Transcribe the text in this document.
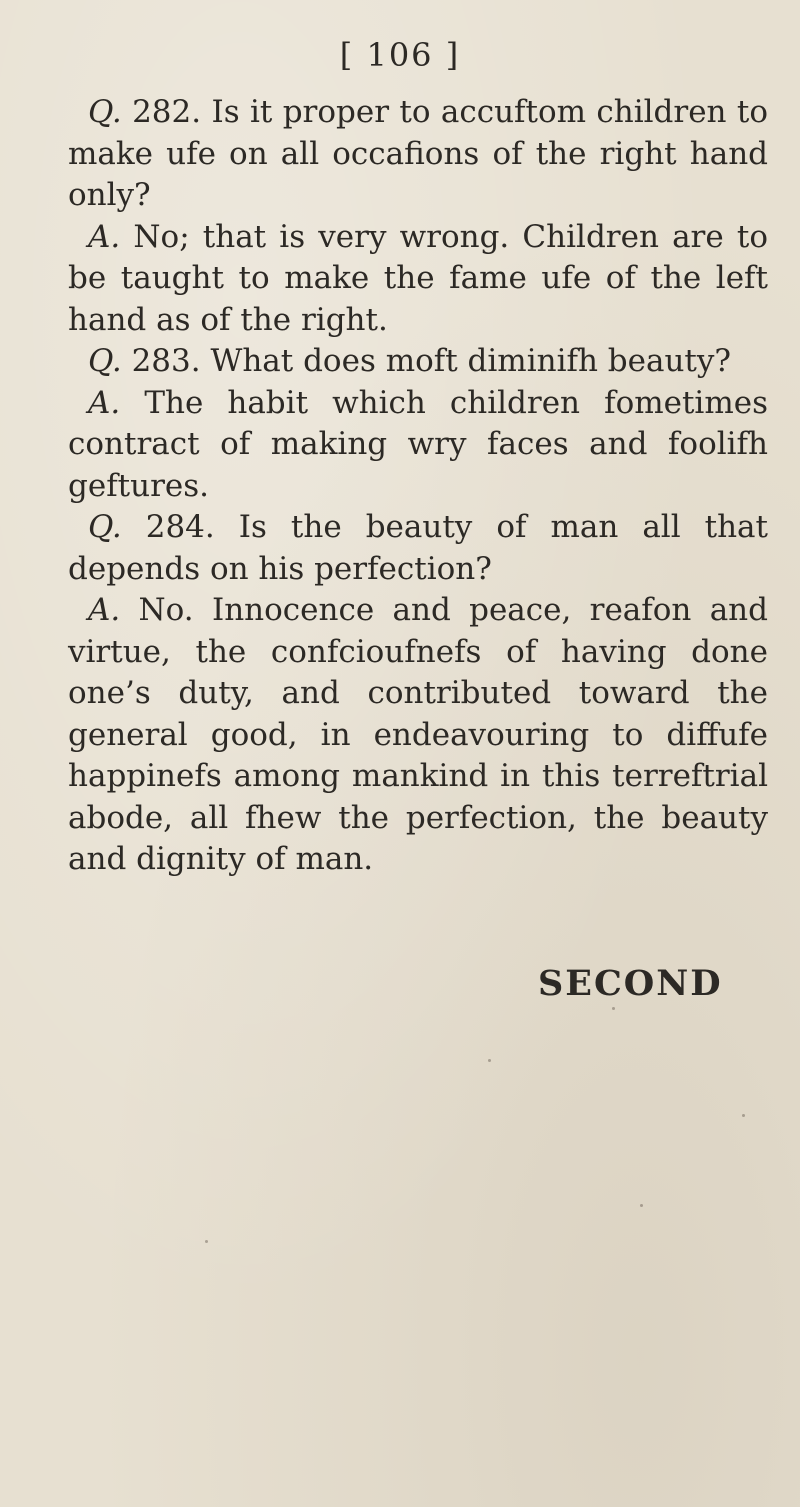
[ 106 ]

Q. 282. Is it proper to accuftom children to make ufe on all occafions of the right hand only?

A. No; that is very wrong. Children are to be taught to make the fame ufe of the left hand as of the right.

Q. 283. What does moft diminifh beauty?

A. The habit which children fometimes contract of making wry faces and foolifh geftures.

Q. 284. Is the beauty of man all that depends on his perfection?

A. No. Innocence and peace, reafon and virtue, the confcioufnefs of having done one’s duty, and contributed toward the general good, in endeavouring to diffufe happinefs among mankind in this terreftrial abode, all fhew the perfection, the beauty and dignity of man.

SECOND
